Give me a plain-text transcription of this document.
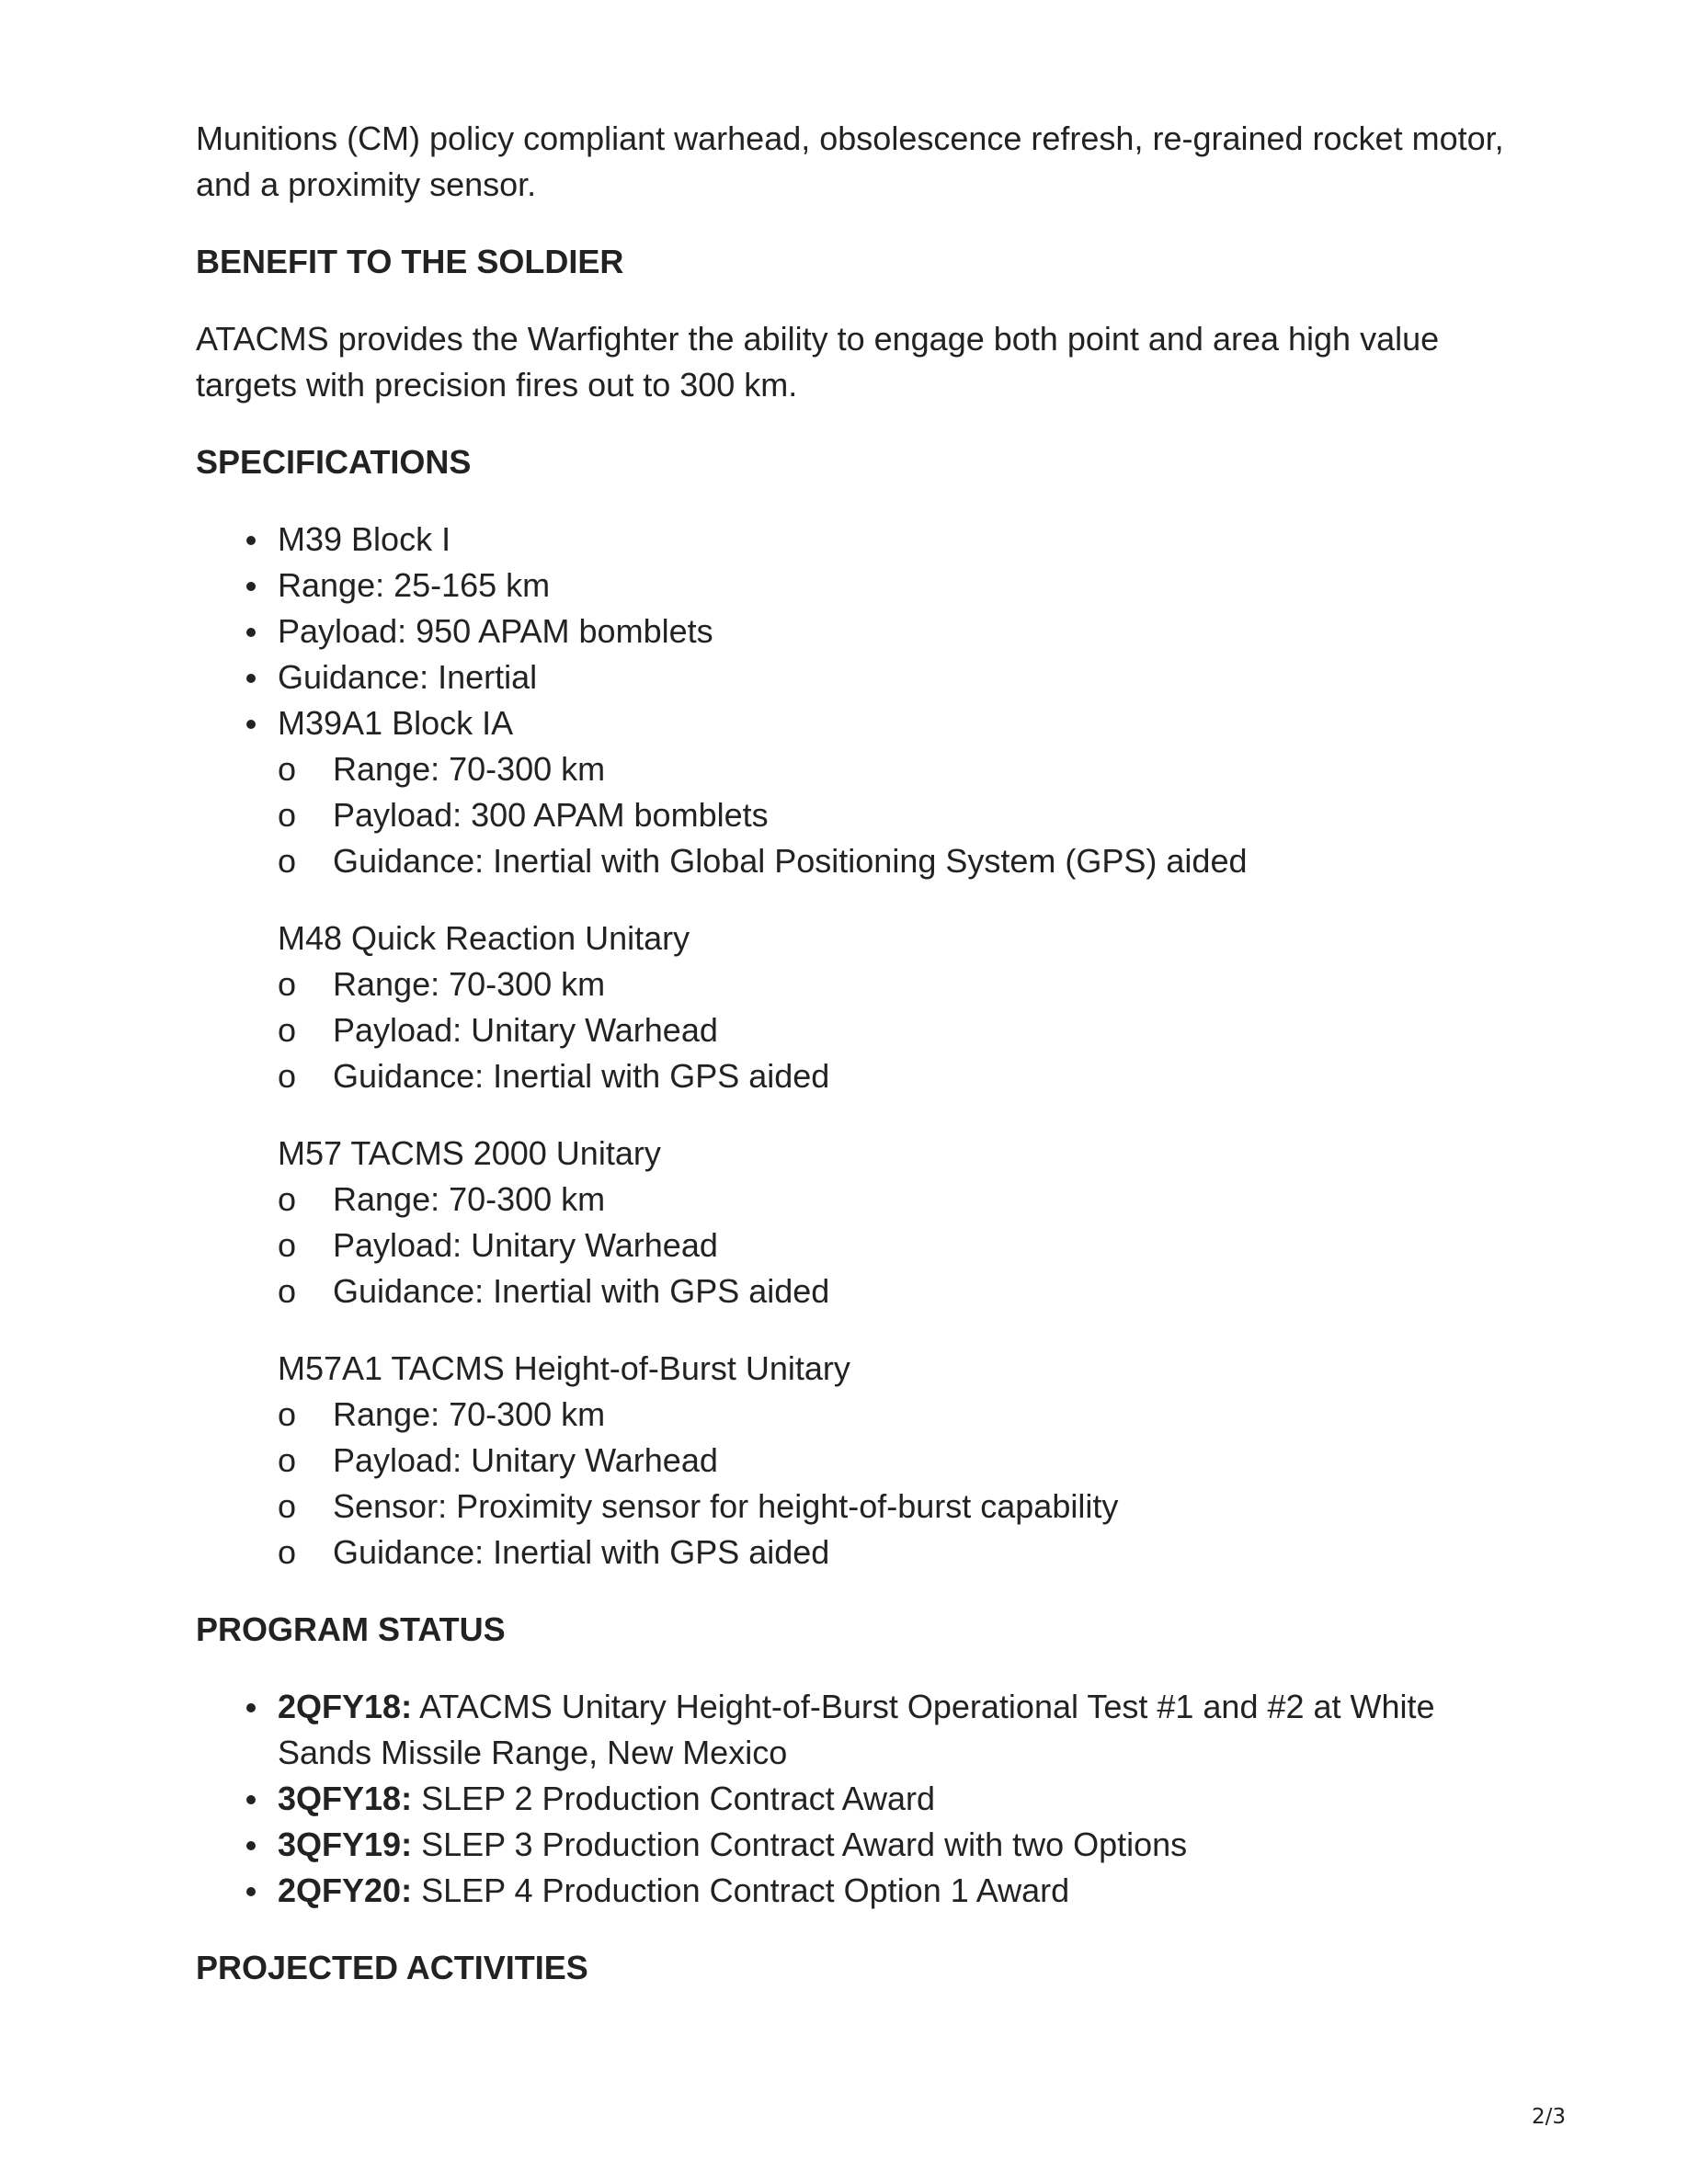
Munitions (CM) policy compliant warhead, obsolescence refresh, re-grained rocket motor, and a proximity sensor.

BENEFIT TO THE SOLDIER

ATACMS provides the Warfighter the ability to engage both point and area high value targets with precision fires out to 300 km.

SPECIFICATIONS
M39 Block I
Range: 25-165 km
Payload: 950 APAM bomblets
Guidance: Inertial
M39A1 Block IA
o Range: 70-300 km
o Payload: 300 APAM bomblets
o Guidance: Inertial with Global Positioning System (GPS) aided
M48 Quick Reaction Unitary
o Range: 70-300 km
o Payload: Unitary Warhead
o Guidance: Inertial with GPS aided
M57 TACMS 2000 Unitary
o Range: 70-300 km
o Payload: Unitary Warhead
o Guidance: Inertial with GPS aided
M57A1 TACMS Height-of-Burst Unitary
o Range: 70-300 km
o Payload: Unitary Warhead
o Sensor: Proximity sensor for height-of-burst capability
o Guidance: Inertial with GPS aided
PROGRAM STATUS
2QFY18: ATACMS Unitary Height-of-Burst Operational Test #1 and #2 at White Sands Missile Range, New Mexico
3QFY18: SLEP 2 Production Contract Award
3QFY19: SLEP 3 Production Contract Award with two Options
2QFY20: SLEP 4 Production Contract Option 1 Award
PROJECTED ACTIVITIES
2/3
